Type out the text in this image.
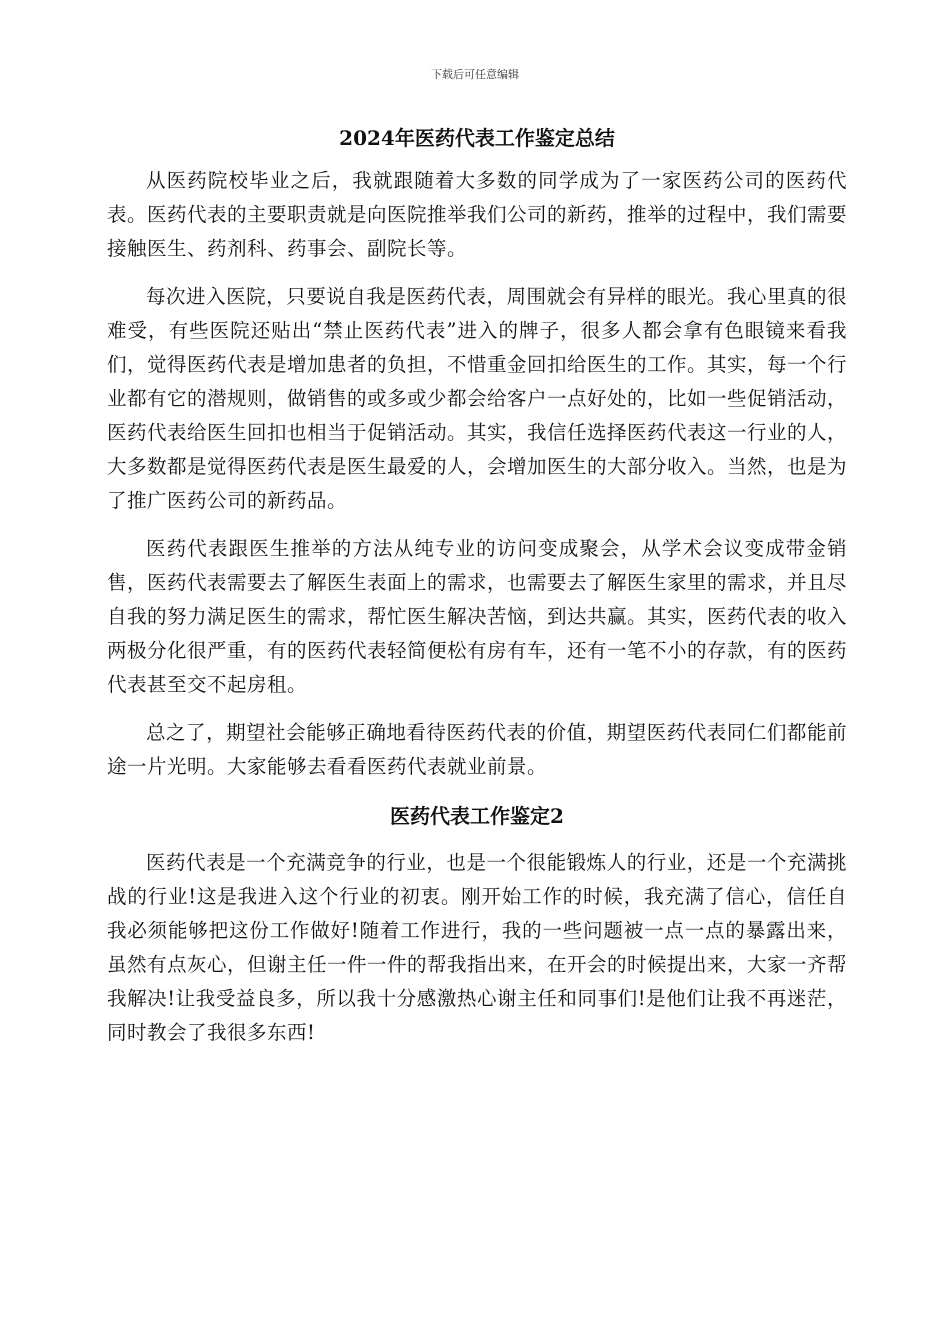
下载后可任意编辑
2024年医药代表工作鉴定总结

从医药院校毕业之后，我就跟随着大多数的同学成为了一家医药公司的医药代表。医药代表的主要职责就是向医院推举我们公司的新药，推举的过程中，我们需要接触医生、药剂科、药事会、副院长等。

每次进入医院，只要说自我是医药代表，周围就会有异样的眼光。我心里真的很难受，有些医院还贴出“禁止医药代表”进入的牌子，很多人都会拿有色眼镜来看我们，觉得医药代表是增加患者的负担，不惜重金回扣给医生的工作。其实，每一个行业都有它的潜规则，做销售的或多或少都会给客户一点好处的，比如一些促销活动，医药代表给医生回扣也相当于促销活动。其实，我信任选择医药代表这一行业的人，大多数都是觉得医药代表是医生最爱的人，会增加医生的大部分收入。当然，也是为了推广医药公司的新药品。

医药代表跟医生推举的方法从纯专业的访问变成聚会，从学术会议变成带金销售，医药代表需要去了解医生表面上的需求，也需要去了解医生家里的需求，并且尽自我的努力满足医生的需求，帮忙医生解决苦恼，到达共赢。其实，医药代表的收入两极分化很严重，有的医药代表轻简便松有房有车，还有一笔不小的存款，有的医药代表甚至交不起房租。

总之了，期望社会能够正确地看待医药代表的价值，期望医药代表同仁们都能前途一片光明。大家能够去看看医药代表就业前景。

医药代表工作鉴定2

医药代表是一个充满竞争的行业，也是一个很能锻炼人的行业，还是一个充满挑战的行业!这是我进入这个行业的初衷。刚开始工作的时候，我充满了信心，信任自我必须能够把这份工作做好!随着工作进行，我的一些问题被一点一点的暴露出来，虽然有点灰心，但谢主任一件一件的帮我指出来，在开会的时候提出来，大家一齐帮我解决!让我受益良多，所以我十分感激热心谢主任和同事们!是他们让我不再迷茫，同时教会了我很多东西!
